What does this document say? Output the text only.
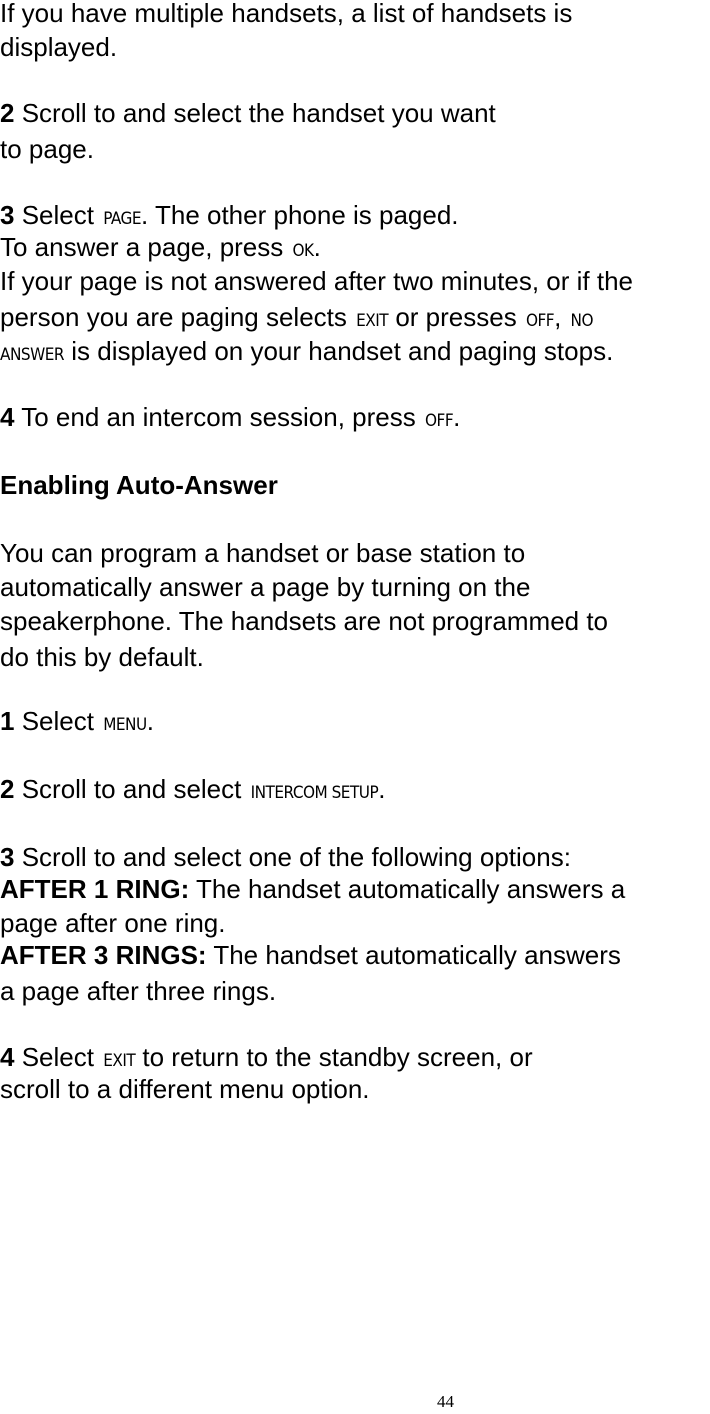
If you have multiple handsets, a list of handsets is
displayed.
2 Scroll to and select the handset you want
to page.
3 Select PAGE. The other phone is paged.
To answer a page, press OK.
If your page is not answered after two minutes, or if the
person you are paging selects EXIT or presses OFF, NO
ANSWER is displayed on your handset and paging stops.
4 To end an intercom session, press OFF.
Enabling Auto-Answer
You can program a handset or base station to
automatically answer a page by turning on the
speakerphone. The handsets are not programmed to
do this by default.
1 Select MENU.
2 Scroll to and select INTERCOM SETUP.
3 Scroll to and select one of the following options:
AFTER 1 RING: The handset automatically answers a
page after one ring.
AFTER 3 RINGS: The handset automatically answers
a page after three rings.
4 Select EXIT to return to the standby screen, or
scroll to a different menu option.
44
